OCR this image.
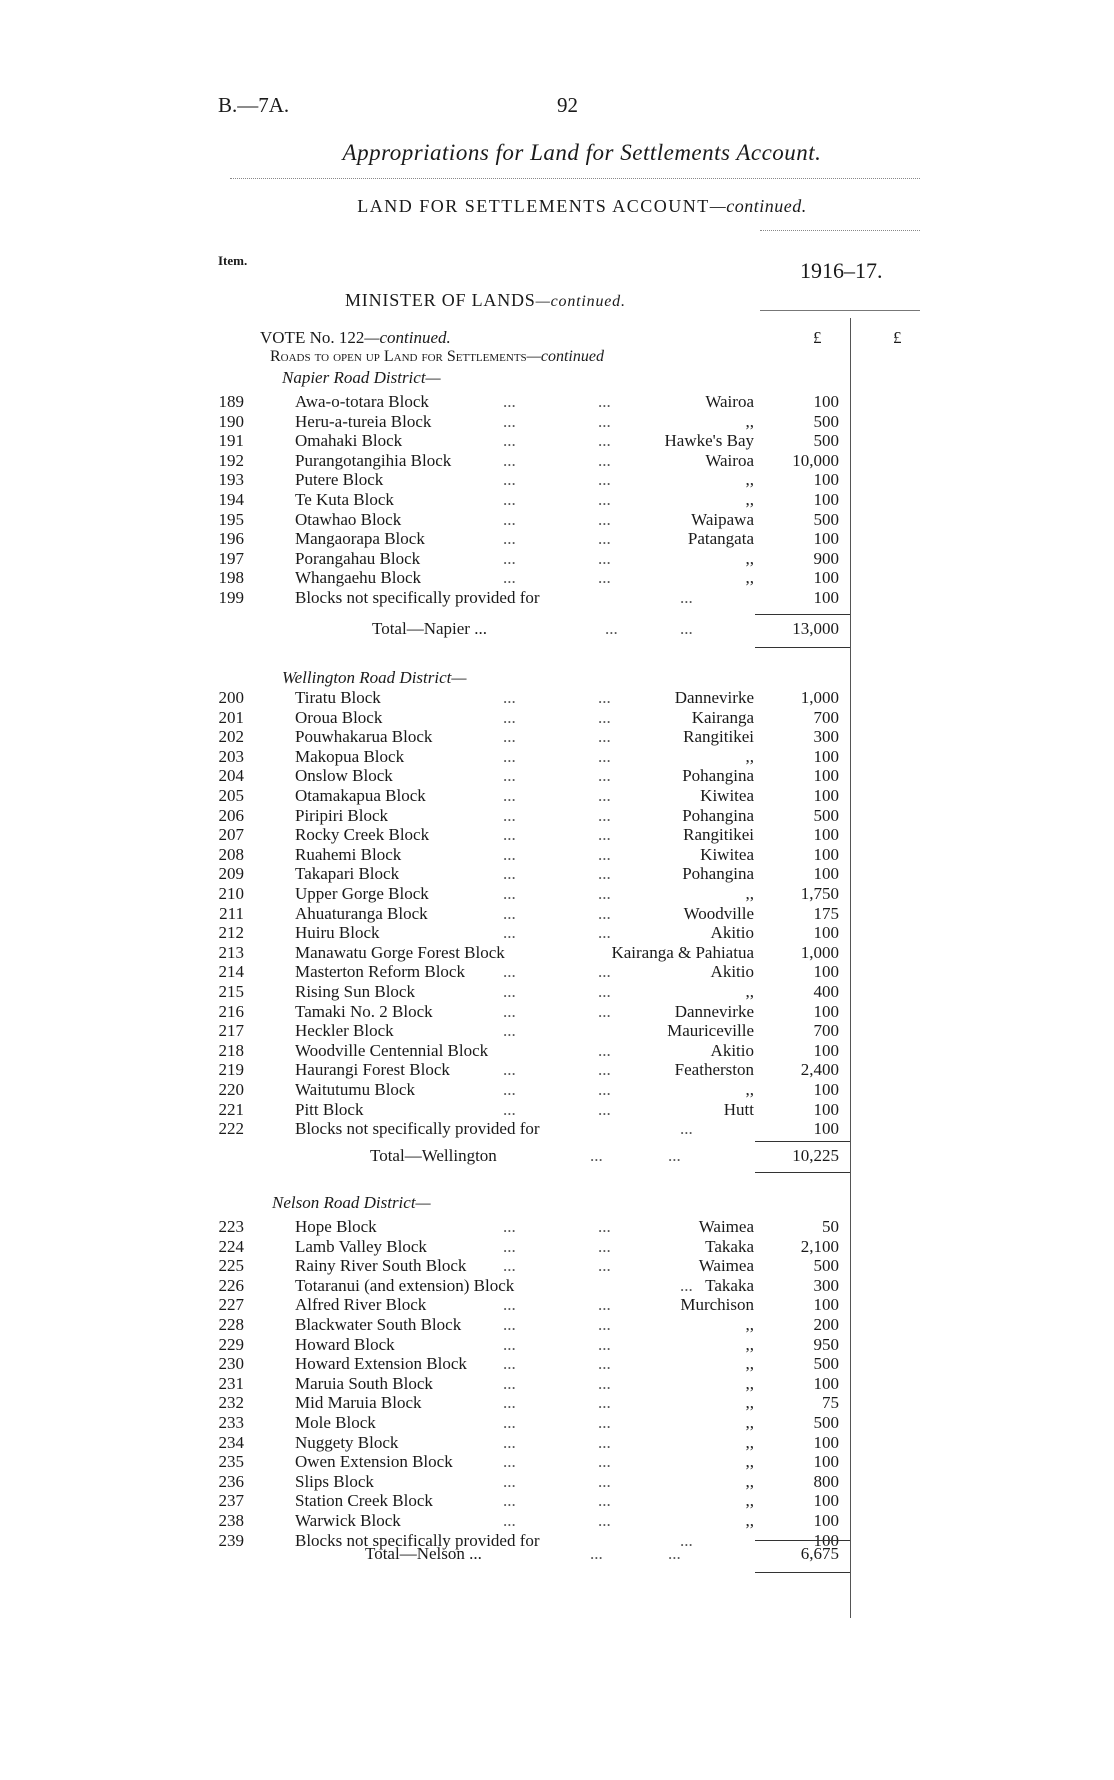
B.—7A.	92
Appropriations for Land for Settlements Account.
LAND FOR SETTLEMENTS ACCOUNT—continued.
Item.	1916–17.
MINISTER OF LANDS—continued.
VOTE No. 122—continued.	£	£
Roads to open up Land for Settlements—continued
Napier Road District—
189	Awa-o-totara Block	...	...	Wairoa	100
190	Heru-a-tureia Block	...	...	,,	500
191	Omahaki Block	...	...	Hawke's Bay	500
192	Purangotangihia Block	...	...	Wairoa 10,000
193	Putere Block	...	...	,,	100
194	Te Kuta Block	...	...	,,	100
195	Otawhao Block	...	...	Waipawa	500
196	Mangaorapa Block	...	...	Patangata	100
197	Porangahau Block	...	...	,,	900
198	Whangaehu Block	...	...	,,	100
199	Blocks not specifically provided for	...	100
Total—Napier ...	...	...	13,000
Wellington Road District—
200	Tiratu Block	...	...	Dannevirke	1,000
201	Oroua Block	...	...	Kairanga	700
202	Pouwhakarua Block	...	...	Rangitikei	300
203	Makopua Block	...	...	,,	100
204	Onslow Block	...	...	Pohangina	100
205	Otamakapua Block	...	...	Kiwitea	100
206	Piripiri Block	...	...	Pohangina	500
207	Rocky Creek Block	...	...	Rangitikei	100
208	Ruahemi Block	...	...	Kiwitea	100
209	Takapari Block	...	...	Pohangina	100
210	Upper Gorge Block	...	...	,,	1,750
211	Ahuaturanga Block	...	...	Woodville	175
212	Huiru Block	...	...	Akitio	100
213	Manawatu Gorge Forest Block	Kairanga & Pahiatua	1,000
214	Masterton Reform Block ...	...	Akitio	100
215	Rising Sun Block	...	...	,,	400
216	Tamaki No. 2 Block	...	...	Dannevirke	100
217	Heckler Block	...	Mauriceville	700
218	Woodville Centennial Block	...	Akitio	100
219	Haurangi Forest Block	...	...	Featherston	2,400
220	Waitutumu Block	...	...	,,	100
221	Pitt Block	...	...	Hutt	100
222	Blocks not specifically provided for	...	100
Total—Wellington	...	...	10,225
Nelson Road District—
223	Hope Block	...	...	Waimea	50
224	Lamb Valley Block	...	...	Takaka	2,100
225	Rainy River South Block ...	...	Waimea	500
226	Totaranui (and extension) Block	... Takaka	300
227	Alfred River Block	...	...	Murchison	100
228	Blackwater South Block ...	...	,,	200
229	Howard Block	...	...	,,	950
230	Howard Extension Block ...	...	,,	500
231	Maruia South Block	...	...	,,	100
232	Mid Maruia Block	...	...	,,	75
233	Mole Block	...	...	,,	500
234	Nuggety Block	...	...	,,	100
235	Owen Extension Block	...	...	,,	100
236	Slips Block	...	...	,,	800
237	Station Creek Block	...	...	,,	100
238	Warwick Block	...	...	,,	100
239	Blocks not specifically provided for	...	100
Total—Nelson ...	...	...	6,675
